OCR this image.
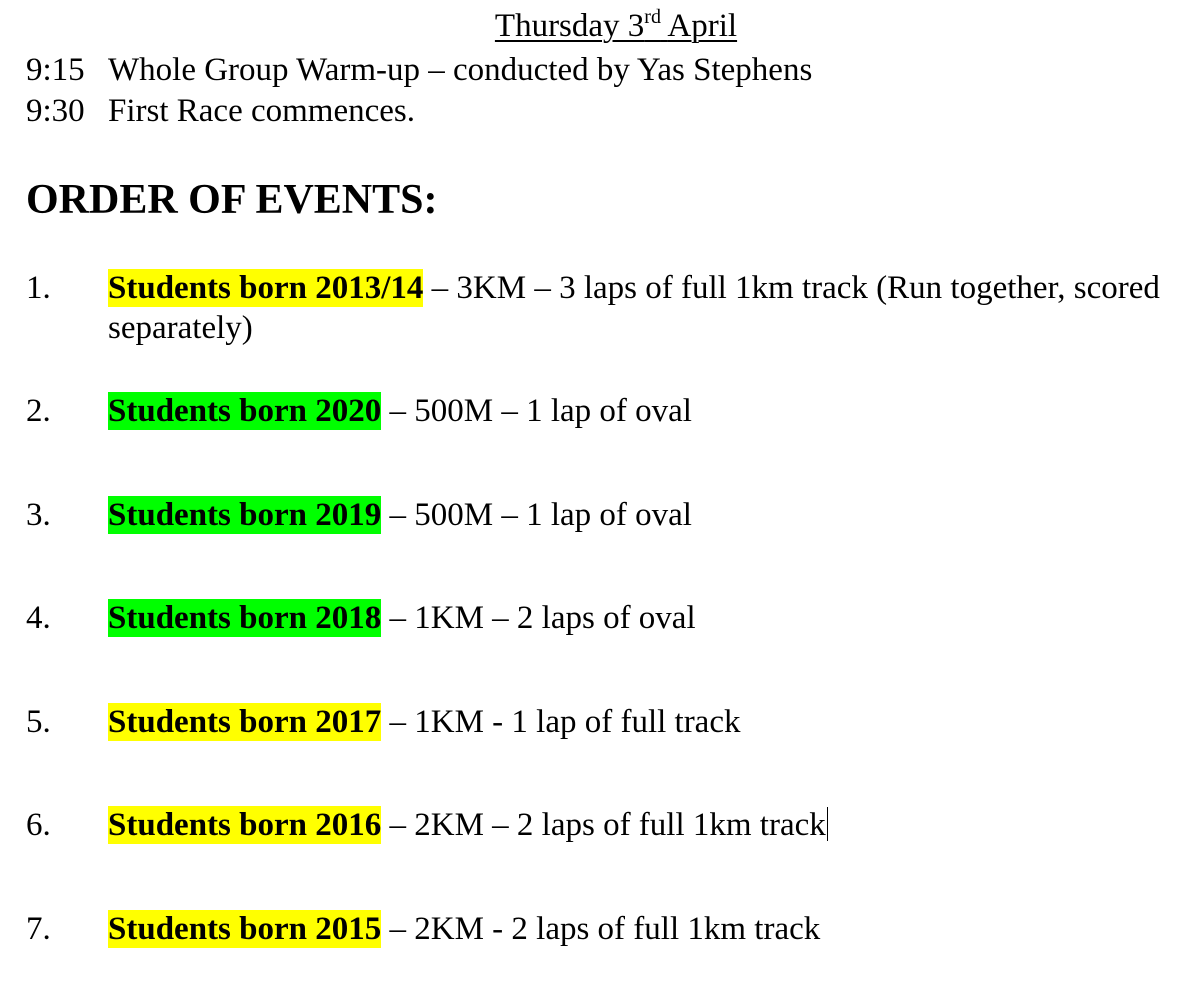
Thursday 3rd April
9:15 Whole Group Warm-up – conducted by Yas Stephens
9:30 First Race commences.
ORDER OF EVENTS:
1. Students born 2013/14 – 3KM – 3 laps of full 1km track (Run together, scored separately)
2. Students born 2020 – 500M – 1 lap of oval
3. Students born 2019 – 500M – 1 lap of oval
4. Students born 2018 – 1KM – 2 laps of oval
5. Students born 2017 – 1KM - 1 lap of full track
6. Students born 2016 – 2KM – 2 laps of full 1km track
7. Students born 2015 – 2KM - 2 laps of full 1km track
